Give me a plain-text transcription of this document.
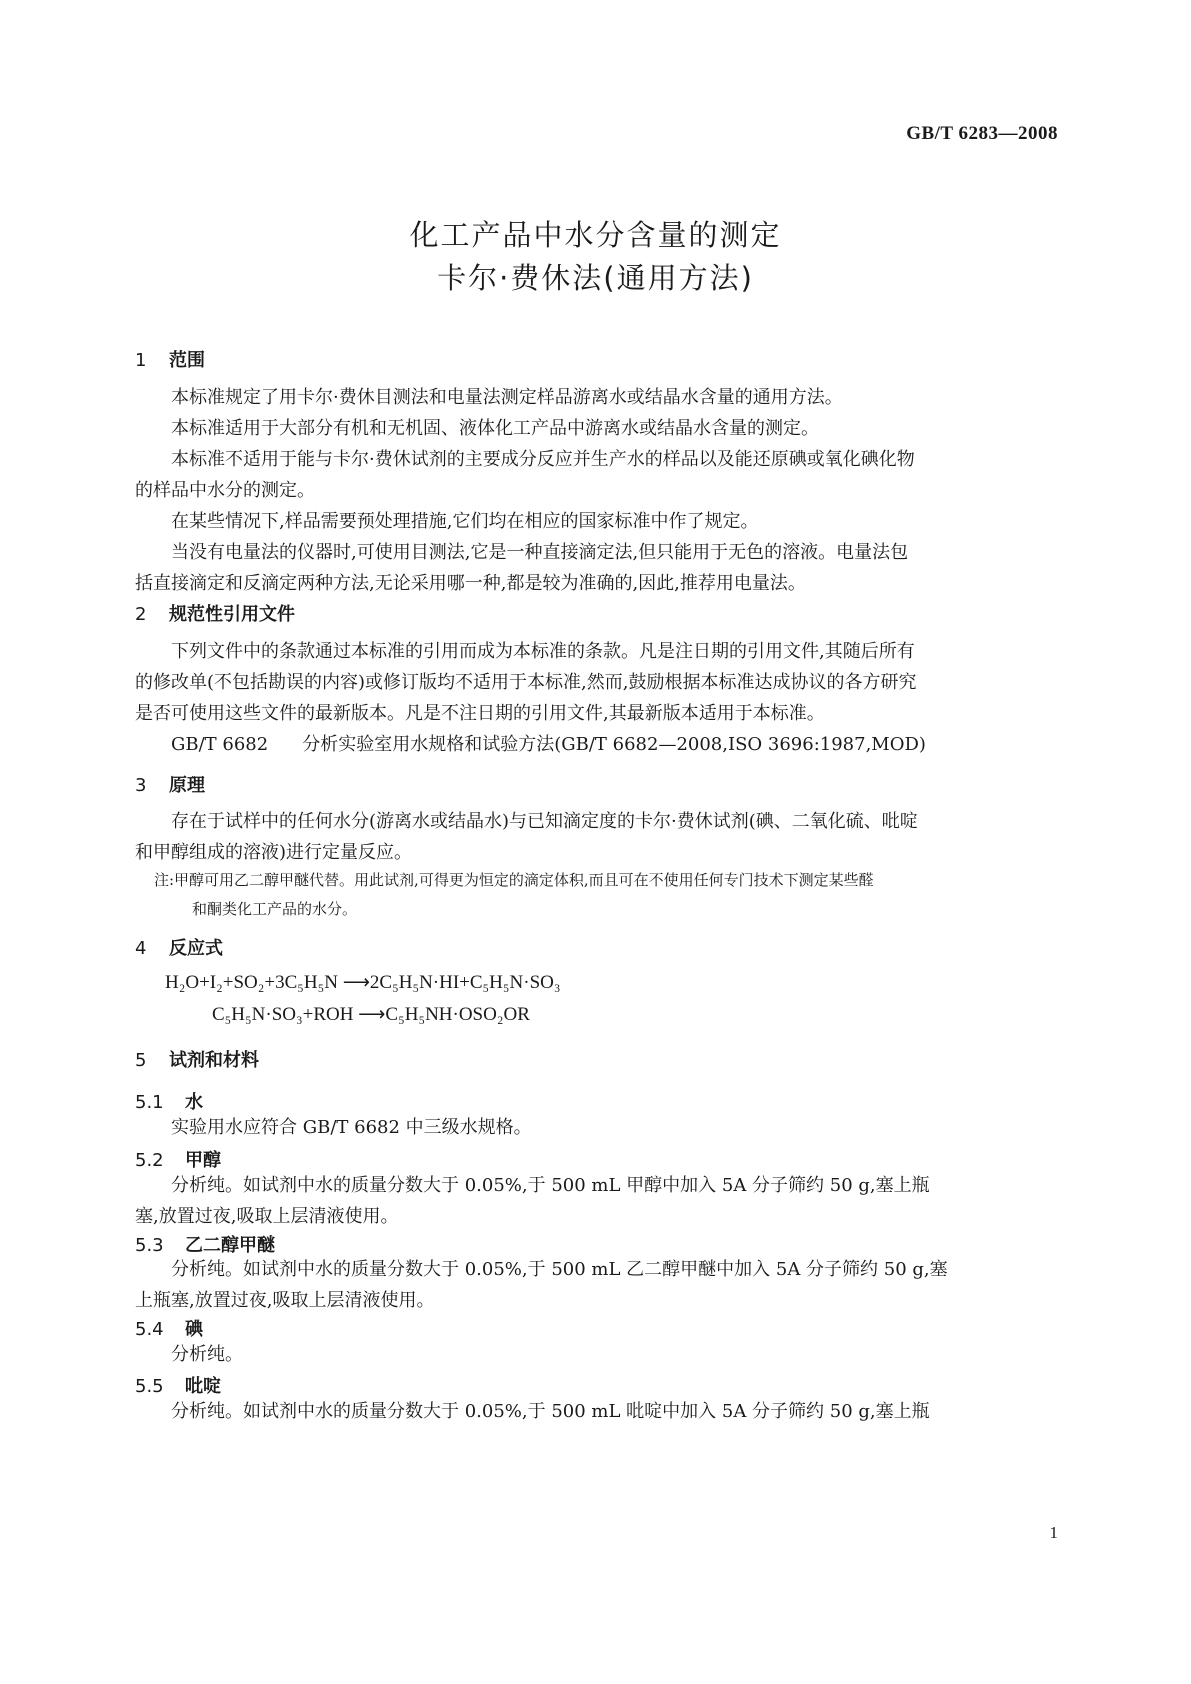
GB/T 6283—2008
化工产品中水分含量的测定
卡尔·费休法(通用方法)
1 范围
本标准规定了用卡尔·费休目测法和电量法测定样品游离水或结晶水含量的通用方法。
本标准适用于大部分有机和无机固、液体化工产品中游离水或结晶水含量的测定。
本标准不适用于能与卡尔·费休试剂的主要成分反应并生产水的样品以及能还原碘或氧化碘化物
的样品中水分的测定。
在某些情况下,样品需要预处理措施,它们均在相应的国家标准中作了规定。
当没有电量法的仪器时,可使用目测法,它是一种直接滴定法,但只能用于无色的溶液。电量法包
括直接滴定和反滴定两种方法,无论采用哪一种,都是较为准确的,因此,推荐用电量法。
2 规范性引用文件
下列文件中的条款通过本标准的引用而成为本标准的条款。凡是注日期的引用文件,其随后所有
的修改单(不包括勘误的内容)或修订版均不适用于本标准,然而,鼓励根据本标准达成协议的各方研究
是否可使用这些文件的最新版本。凡是不注日期的引用文件,其最新版本适用于本标准。
GB/T 6682 分析实验室用水规格和试验方法(GB/T 6682—2008,ISO 3696:1987,MOD)
3 原理
存在于试样中的任何水分(游离水或结晶水)与已知滴定度的卡尔·费休试剂(碘、二氧化硫、吡啶
和甲醇组成的溶液)进行定量反应。
注:甲醇可用乙二醇甲醚代替。用此试剂,可得更为恒定的滴定体积,而且可在不使用任何专门技术下测定某些醛
和酮类化工产品的水分。
4 反应式
H₂O+I₂+SO₂+3C₅H₅N ⟶2C₅H₅N·HI+C₅H₅N·SO₃
C₅H₅N·SO₃+ROH ⟶C₅H₅NH·OSO₂OR
5 试剂和材料
5.1 水
实验用水应符合 GB/T 6682 中三级水规格。
5.2 甲醇
分析纯。如试剂中水的质量分数大于 0.05%,于 500 mL 甲醇中加入 5A 分子筛约 50 g,塞上瓶
塞,放置过夜,吸取上层清液使用。
5.3 乙二醇甲醚
分析纯。如试剂中水的质量分数大于 0.05%,于 500 mL 乙二醇甲醚中加入 5A 分子筛约 50 g,塞
上瓶塞,放置过夜,吸取上层清液使用。
5.4 碘
分析纯。
5.5 吡啶
分析纯。如试剂中水的质量分数大于 0.05%,于 500 mL 吡啶中加入 5A 分子筛约 50 g,塞上瓶
1
